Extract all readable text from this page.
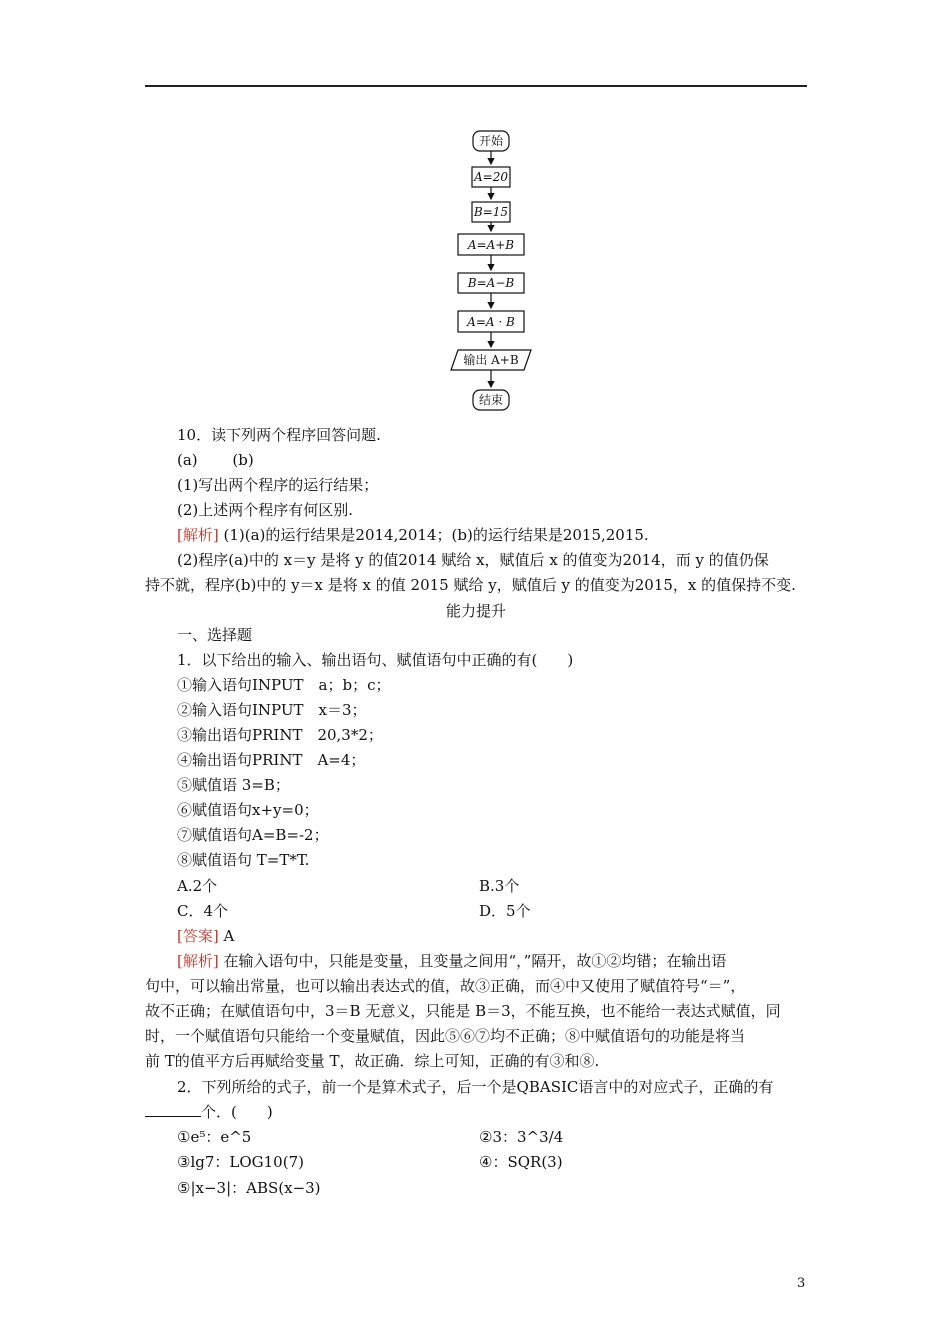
开始
A=20
B=15
A=A+B
B=A−B
A=A · B
输出 A+B
结束
10．读下列两个程序回答问题.
(a)　　 (b)
(1)写出两个程序的运行结果；
(2)上述两个程序有何区别.
[解析] (1)(a)的运行结果是2014,2014；(b)的运行结果是2015,2015.
(2)程序(a)中的 x＝y 是将 y 的值2014 赋给 x，赋值后 x 的值变为2014，而 y 的值仍保
持不就，程序(b)中的 y＝x 是将 x 的值 2015 赋给 y，赋值后 y 的值变为2015，x 的值保持不变.
能力提升
一、选择题
1．以下给出的输入、输出语句、赋值语句中正确的有(　　)
①输入语句INPUT　a；b；c；
②输入语句INPUT　x＝3；
③输出语句PRINT　20,3*2；
④输出语句PRINT　A=4；
⑤赋值语 3=B；
⑥赋值语句x+y=0；
⑦赋值语句A=B=-2；
⑧赋值语句 T=T*T.
A.2个	B.3个
C．4个	D．5个
[答案] A
[解析] 在输入语句中，只能是变量，且变量之间用“，”隔开，故①②均错；在输出语
句中，可以输出常量，也可以输出表达式的值，故③正确，而④中又使用了赋值符号“＝”，
故不正确；在赋值语句中，3＝B 无意义，只能是 B＝3，不能互换，也不能给一表达式赋值，同
时，一个赋值语句只能给一个变量赋值，因此⑤⑥⑦均不正确；⑧中赋值语句的功能是将当
前 T的值平方后再赋给变量 T，故正确．综上可知，正确的有③和⑧.
2．下列所给的式子，前一个是算术式子，后一个是QBASIC语言中的对应式子，正确的有
个．(　　)
①e⁵：e^5	②3：3^3/4
③lg7：LOG10(7)	④：SQR(3)
⑤|x−3|：ABS(x−3)
3
